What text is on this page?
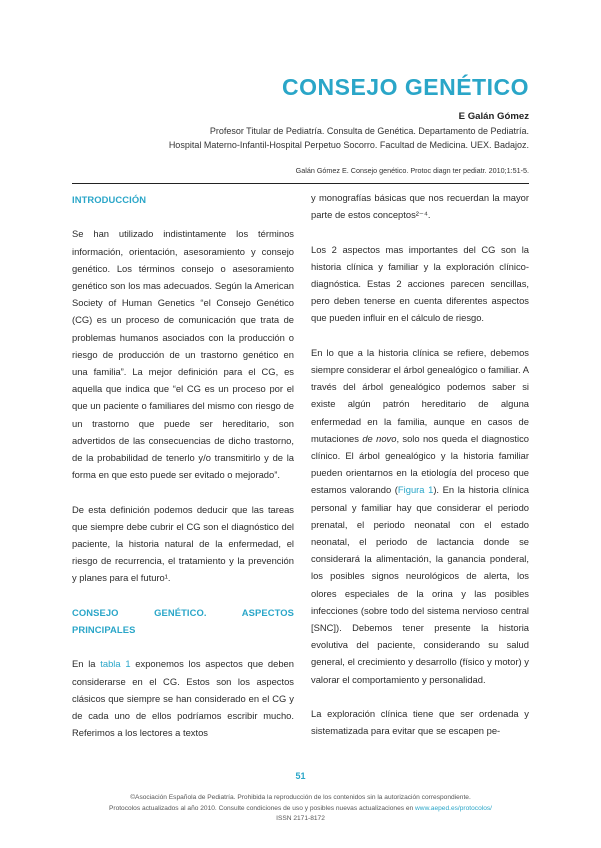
CONSEJO GENÉTICO
E Galán Gómez
Profesor Titular de Pediatría. Consulta de Genética. Departamento de Pediatría.
Hospital Materno-Infantil-Hospital Perpetuo Socorro. Facultad de Medicina. UEX. Badajoz.
Galán Gómez E. Consejo genético. Protoc diagn ter pediatr. 2010;1:51-5.
INTRODUCCIÓN

Se han utilizado indistintamente los términos información, orientación, asesoramiento y consejo genético. Los términos consejo o asesoramiento genético son los mas adecuados. Según la American Society of Human Genetics “el Consejo Genético (CG) es un proceso de comunicación que trata de problemas humanos asociados con la producción o riesgo de producción de un trastorno genético en una familia”. La mejor definición para el CG, es aquella que indica que “el CG es un proceso por el que un paciente o familiares del mismo con riesgo de un trastorno que puede ser hereditario, son advertidos de las consecuencias de dicho trastorno, de la probabilidad de tenerlo y/o transmitirlo y de la forma en que esto puede ser evitado o mejorado”.

De esta definición podemos deducir que las tareas que siempre debe cubrir el CG son el diagnóstico del paciente, la historia natural de la enfermedad, el riesgo de recurrencia, el tratamiento y la prevención y planes para el futuro¹.

CONSEJO GENÉTICO. ASPECTOS PRINCIPALES

En la tabla 1 exponemos los aspectos que deben considerarse en el CG. Estos son los aspectos clásicos que siempre se han considerado en el CG y de cada uno de ellos podríamos escribir mucho. Referimos a los lectores a textos

y monografías básicas que nos recuerdan la mayor parte de estos conceptos²⁻⁴.

Los 2 aspectos mas importantes del CG son la historia clínica y familiar y la exploración clínico-diagnóstica. Estas 2 acciones parecen sencillas, pero deben tenerse en cuenta diferentes aspectos que pueden influir en el cálculo de riesgo.

En lo que a la historia clínica se refiere, debemos siempre considerar el árbol genealógico o familiar. A través del árbol genealógico podemos saber si existe algún patrón hereditario de alguna enfermedad en la familia, aunque en casos de mutaciones de novo, solo nos queda el diagnostico clínico. El árbol genealógico y la historia familiar pueden orientarnos en la etiología del proceso que estamos valorando (Figura 1). En la historia clínica personal y familiar hay que considerar el periodo prenatal, el periodo neonatal con el estado neonatal, el periodo de lactancia donde se considerará la alimentación, la ganancia ponderal, los posibles signos neurológicos de alerta, los olores especiales de la orina y las posibles infecciones (sobre todo del sistema nervioso central [SNC]). Debemos tener presente la historia evolutiva del paciente, considerando su salud general, el crecimiento y desarrollo (físico y motor) y valorar el comportamiento y personalidad.

La exploración clínica tiene que ser ordenada y sistematizada para evitar que se escapen pe-

51
©Asociación Española de Pediatría. Prohibida la reproducción de los contenidos sin la autorización correspondiente.
Protocolos actualizados al año 2010. Consulte condiciones de uso y posibles nuevas actualizaciones en www.aeped.es/protocolos/
ISSN 2171-8172
